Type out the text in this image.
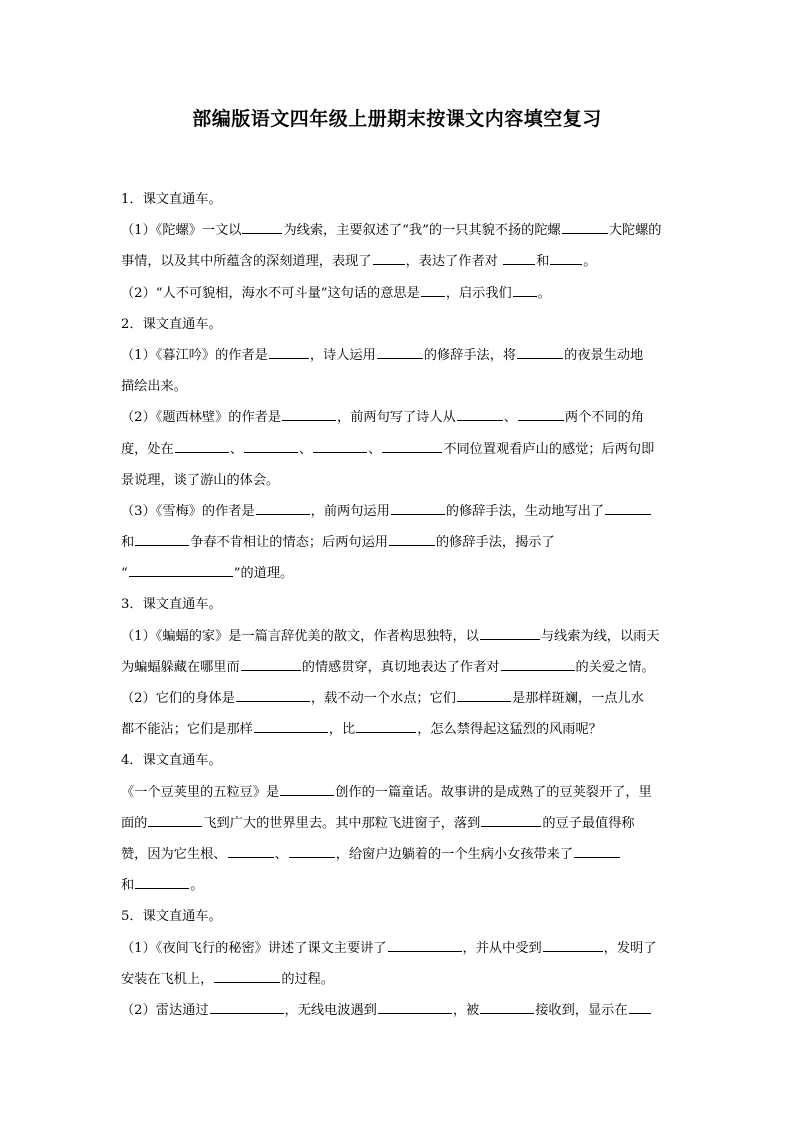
部编版语文四年级上册期末按课文内容填空复习
1．课文直通车。
（1）《陀螺》一文以	为线索，主要叙述了“我”的一只其貌不扬的陀螺	大陀螺的
事情，以及其中所蕴含的深刻道理，表现了	，表达了作者对	和	。
（2）“人不可貌相，海水不可斗量”这句话的意思是 ，启示我们 。
2．课文直通车。
（1）《暮江吟》的作者是	，诗人运用	的修辞手法，将	的夜景生动地
描绘出来。
（2）《题西林壁》的作者是	，前两句写了诗人从	、	两个不同的角
度，处在	、	、	、	不同位置观看庐山的感觉；后两句即
景说理，谈了游山的体会。
（3）《雪梅》的作者是	，前两句运用	的修辞手法，生动地写出了
和	争春不肯相让的情态；后两句运用	的修辞手法，揭示了
“	”的道理。
3．课文直通车。
（1）《蝙蝠的家》是一篇言辞优美的散文，作者构思独特，以	与线索为线，以雨天
为蝙蝠躲藏在哪里而	的情感贯穿，真切地表达了作者对	的关爱之情。
（2）它们的身体是	，载不动一个水点；它们	是那样斑斓，一点儿水
都不能沾；它们是那样	，比	，怎么禁得起这猛烈的风雨呢？
4．课文直通车。
《一个豆荚里的五粒豆》是	创作的一篇童话。故事讲的是成熟了的豆荚裂开了，里
面的	飞到广大的世界里去。其中那粒飞进窗子，落到	的豆子最值得称
赞，因为它生根、	、	，给窗户边躺着的一个生病小女孩带来了
和	。
5．课文直通车。
（1）《夜间飞行的秘密》讲述了课文主要讲了	，并从中受到	，发明了
安装在飞机上，	的过程。
（2）雷达通过	，无线电波遇到	，被	接收到，显示在
